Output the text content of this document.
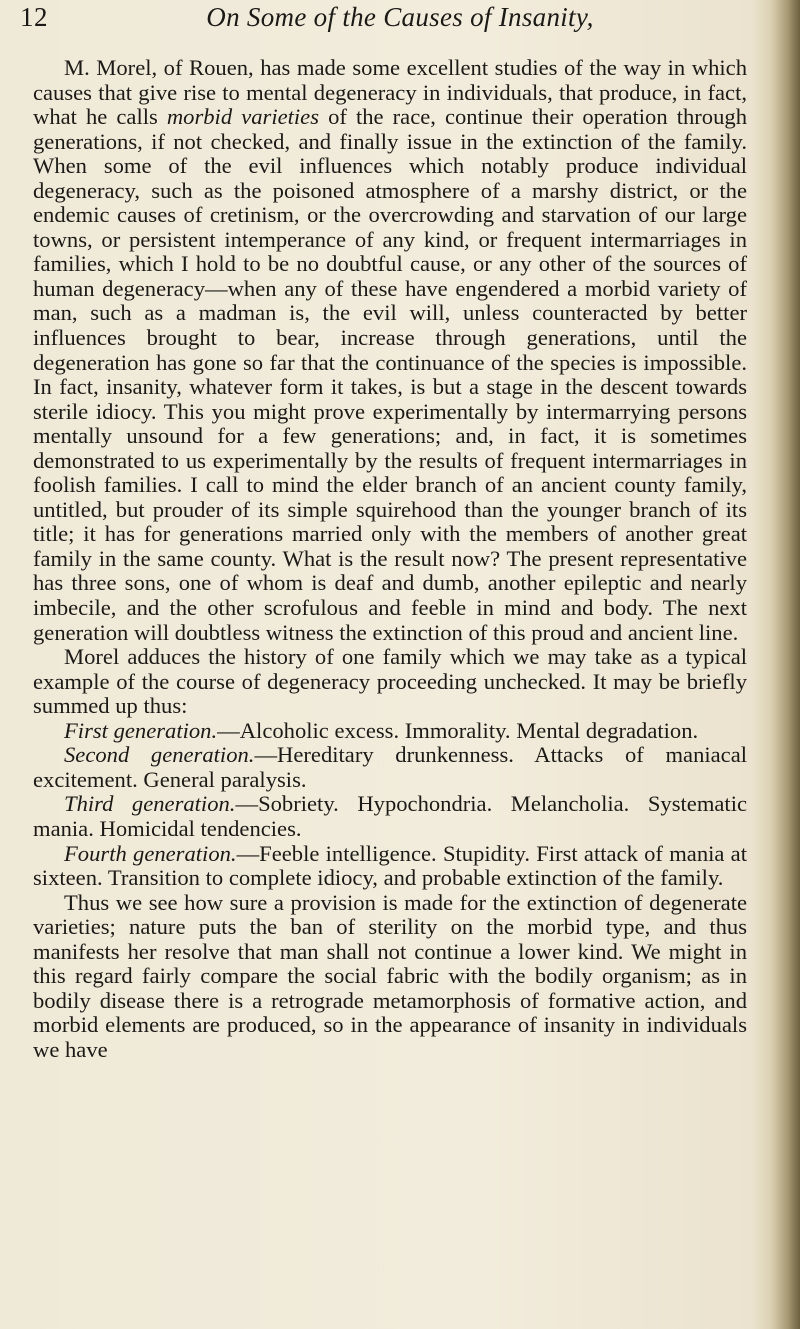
On Some of the Causes of Insanity,
12

M. Morel, of Rouen, has made some excellent studies of the way in which causes that give rise to mental degeneracy in individuals, that produce, in fact, what he calls morbid varieties of the race, continue their operation through generations, if not checked, and finally issue in the extinction of the family. When some of the evil influences which notably produce individual degeneracy, such as the poisoned atmosphere of a marshy district, or the endemic causes of cretinism, or the overcrowding and starvation of our large towns, or persistent intemperance of any kind, or frequent intermarriages in families, which I hold to be no doubtful cause, or any other of the sources of human degeneracy—when any of these have engendered a morbid variety of man, such as a madman is, the evil will, unless counteracted by better influences brought to bear, increase through generations, until the degeneration has gone so far that the continuance of the species is impossible. In fact, insanity, whatever form it takes, is but a stage in the descent towards sterile idiocy. This you might prove experimentally by intermarrying persons mentally unsound for a few generations; and, in fact, it is sometimes demonstrated to us experimentally by the results of frequent intermarriages in foolish families. I call to mind the elder branch of an ancient county family, untitled, but prouder of its simple squirehood than the younger branch of its title; it has for generations married only with the members of another great family in the same county. What is the result now? The present representative has three sons, one of whom is deaf and dumb, another epileptic and nearly imbecile, and the other scrofulous and feeble in mind and body. The next generation will doubtless witness the extinction of this proud and ancient line.

Morel adduces the history of one family which we may take as a typical example of the course of degeneracy proceeding unchecked. It may be briefly summed up thus:

First generation.—Alcoholic excess. Immorality. Mental degradation.

Second generation.—Hereditary drunkenness. Attacks of maniacal excitement. General paralysis.

Third generation.—Sobriety. Hypochondria. Melancholia. Systematic mania. Homicidal tendencies.

Fourth generation.—Feeble intelligence. Stupidity. First attack of mania at sixteen. Transition to complete idiocy, and probable extinction of the family.

Thus we see how sure a provision is made for the extinction of degenerate varieties; nature puts the ban of sterility on the morbid type, and thus manifests her resolve that man shall not continue a lower kind. We might in this regard fairly compare the social fabric with the bodily organism; as in bodily disease there is a retrograde metamorphosis of formative action, and morbid elements are produced, so in the appearance of insanity in individuals we have
